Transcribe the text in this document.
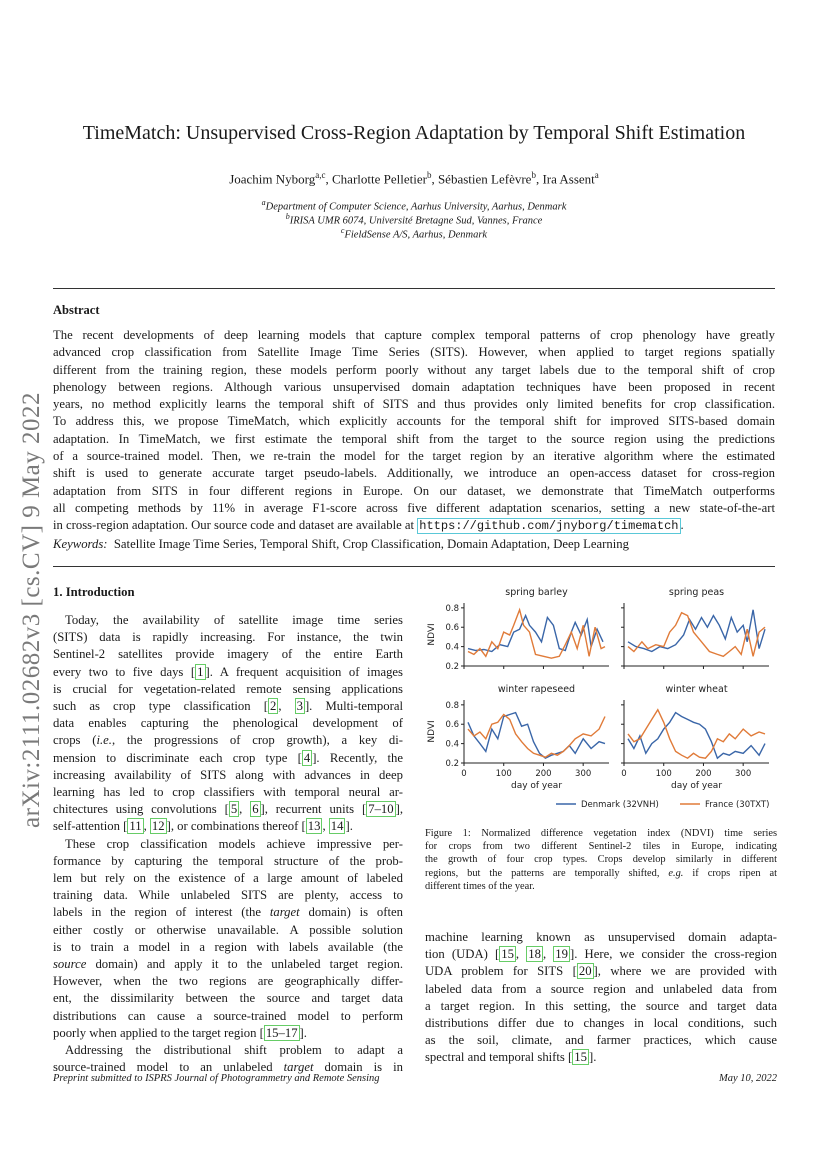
arXiv:2111.02682v3 [cs.CV] 9 May 2022
TimeMatch: Unsupervised Cross-Region Adaptation by Temporal Shift Estimation
Joachim Nyborg$^{a,c}$, Charlotte Pelletier$^b$, Sébastien Lefèvre$^b$, Ira Assent$^a$
$^a$Department of Computer Science, Aarhus University, Aarhus, Denmark
$^b$IRISA UMR 6074, Université Bretagne Sud, Vannes, France
$^c$FieldSense A/S, Aarhus, Denmark
Abstract
The recent developments of deep learning models that capture complex temporal patterns of crop phenology have greatly
advanced crop classification from Satellite Image Time Series (SITS). However, when applied to target regions spatially
different from the training region, these models perform poorly without any target labels due to the temporal shift of crop
phenology between regions. Although various unsupervised domain adaptation techniques have been proposed in recent
years, no method explicitly learns the temporal shift of SITS and thus provides only limited benefits for crop classification.
To address this, we propose TimeMatch, which explicitly accounts for the temporal shift for improved SITS-based domain
adaptation. In TimeMatch, we first estimate the temporal shift from the target to the source region using the predictions
of a source-trained model. Then, we re-train the model for the target region by an iterative algorithm where the estimated
shift is used to generate accurate target pseudo-labels. Additionally, we introduce an open-access dataset for cross-region
adaptation from SITS in four different regions in Europe. On our dataset, we demonstrate that TimeMatch outperforms
all competing methods by 11% in average F1-score across five different adaptation scenarios, setting a new state-of-the-art
in cross-region adaptation. Our source code and dataset are available at https://github.com/jnyborg/timematch .
Keywords: Satellite Image Time Series, Temporal Shift, Crop Classification, Domain Adaptation, Deep Learning
1. Introduction
Today, the availability of satellite image time series
(SITS) data is rapidly increasing. For instance, the twin
Sentinel-2 satellites provide imagery of the entire Earth
every two to five days [ 1 ]. A frequent acquisition of images
is crucial for vegetation-related remote sensing applications
such as crop type classification [ 2 , 3 ]. Multi-temporal
data enables capturing the phenological development of
crops (i.e., the progressions of crop growth), a key di-
mension to discriminate each crop type [ 4 ]. Recently, the
increasing availability of SITS along with advances in deep
learning has led to crop classifiers with temporal neural ar-
chitectures using convolutions [ 5 , 6 ], recurrent units [ 7–10 ],
self-attention [ 11 , 12 ], or combinations thereof [ 13 , 14 ].
These crop classification models achieve impressive per-
formance by capturing the temporal structure of the prob-
lem but rely on the existence of a large amount of labeled
training data. While unlabeled SITS are plenty, access to
labels in the region of interest (the target domain) is often
either costly or otherwise unavailable. A possible solution
is to train a model in a region with labels available (the
source domain) and apply it to the unlabeled target region.
However, when the two regions are geographically differ-
ent, the dissimilarity between the source and target data
distributions can cause a source-trained model to perform
poorly when applied to the target region [ 15–17 ].
Addressing the distributional shift problem to adapt a
source-trained model to an unlabeled target domain is in
machine learning known as unsupervised domain adapta-
tion (UDA) [ 15 , 18 , 19 ]. Here, we consider the cross-region
UDA problem for SITS [ 20 ], where we are provided with
labeled data from a source region and unlabeled data from
a target region. In this setting, the source and target data
distributions differ due to changes in local conditions, such
as the soil, climate, and farmer practices, which cause
spectral and temporal shifts [ 15 ].
spring barley
0.2
0.4
0.6
0.8
NDVI
spring peas
winter rapeseed
0.2
0.4
0.6
0.8
NDVI
0	100	200	300
day of year
winter wheat
0	100	200	300
day of year
Denmark (32VNH)	France (30TXT)
Figure 1: Normalized difference vegetation index (NDVI) time series
for crops from two different Sentinel-2 tiles in Europe, indicating
the growth of four crop types. Crops develop similarly in different
regions, but the patterns are temporally shifted, e.g. if crops ripen at
different times of the year.
Preprint submitted to ISPRS Journal of Photogrammetry and Remote Sensing	May 10, 2022
